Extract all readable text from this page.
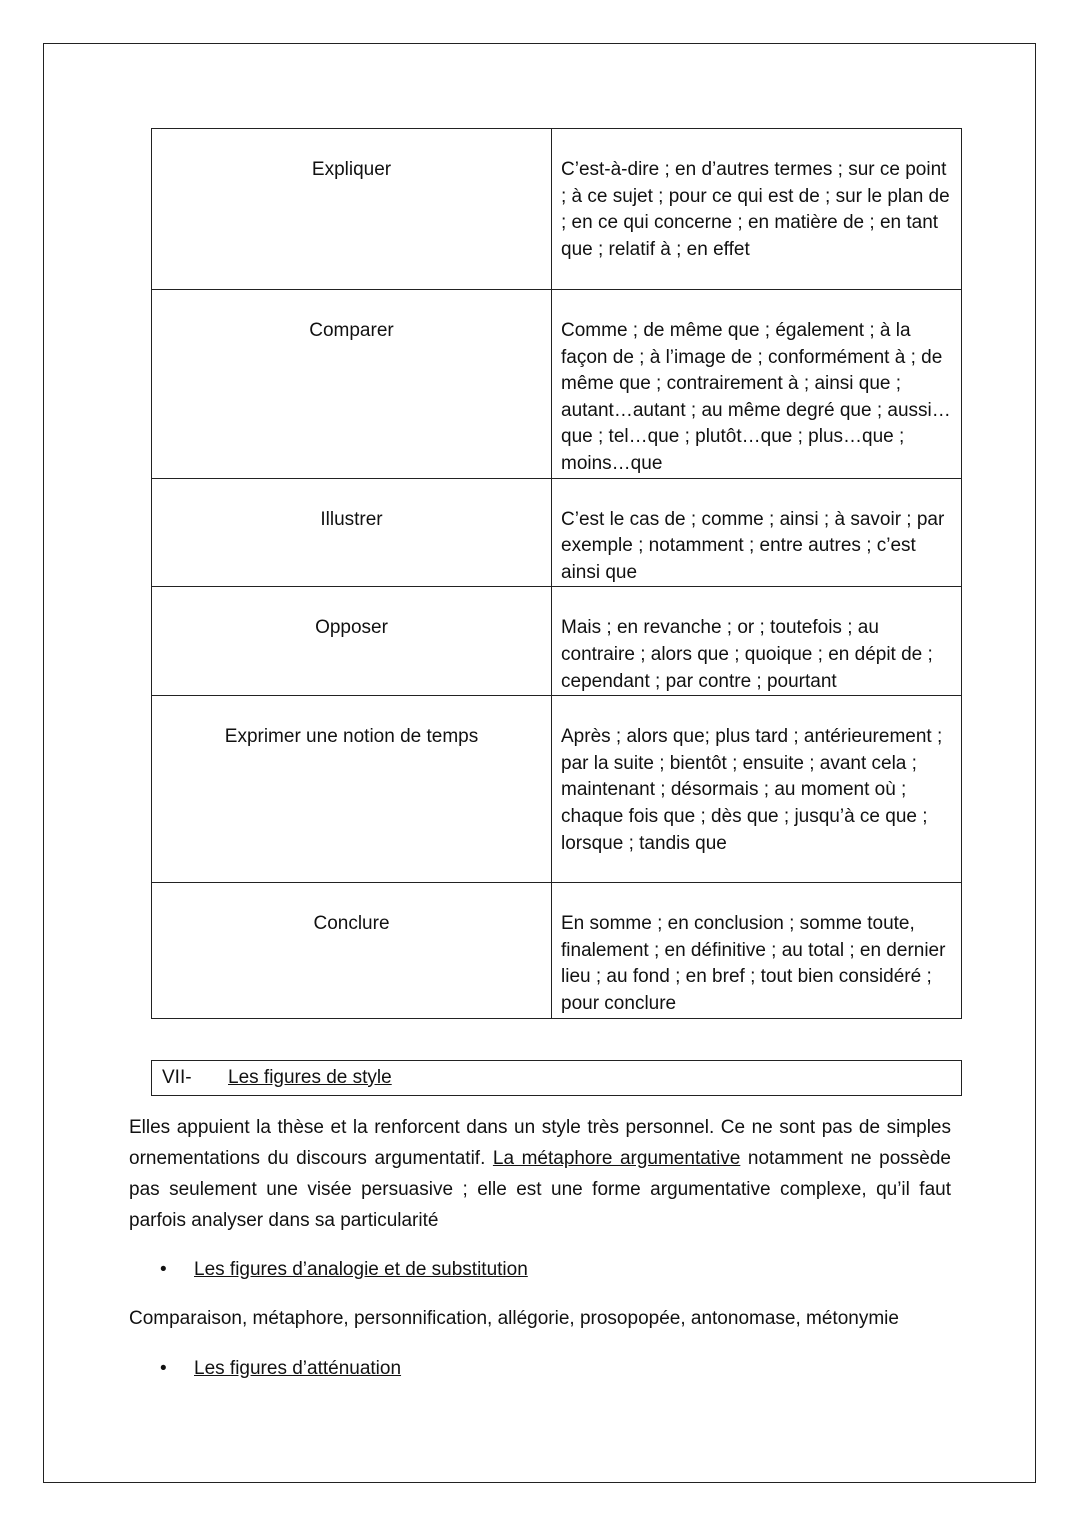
Expliquer	C’est-à-dire ; en d’autres termes ; sur ce point ; à ce sujet ; pour ce qui est de ; sur le plan de ; en ce qui concerne ; en matière de ; en tant que ; relatif à ; en effet

Comparer	Comme ; de même que ; également ; à la façon de ; à l’image de ; conformément à ; de même que ; contrairement à ; ainsi que ; autant…autant ; au même degré que ; aussi…que ; tel…que ; plutôt…que ; plus…que ; moins…que

Illustrer	C’est le cas de ; comme ; ainsi ; à savoir ; par exemple ; notamment ; entre autres ; c’est ainsi que

Opposer	Mais ; en revanche ; or ; toutefois ; au contraire ; alors que ; quoique ; en dépit de ; cependant ; par contre ; pourtant

Exprimer une notion de temps	Après ; alors que; plus tard ; antérieurement ; par la suite ; bientôt ; ensuite ; avant cela ; maintenant ; désormais ; au moment où ; chaque fois que ; dès que ; jusqu’à ce que ; lorsque ; tandis que

Conclure	En somme ; en conclusion ; somme toute, finalement ; en définitive ; au total ; en dernier lieu ; au fond ; en bref ; tout bien considéré ; pour conclure
VII- Les figures de style

Elles appuient la thèse et la renforcent dans un style très personnel. Ce ne sont pas de simples ornementations du discours argumentatif. La métaphore argumentative notamment ne possède pas seulement une visée persuasive ; elle est une forme argumentative complexe, qu’il faut parfois analyser dans sa particularité

• Les figures d’analogie et de substitution
Comparaison, métaphore, personnification, allégorie, prosopopée, antonomase, métonymie
• Les figures d’atténuation
